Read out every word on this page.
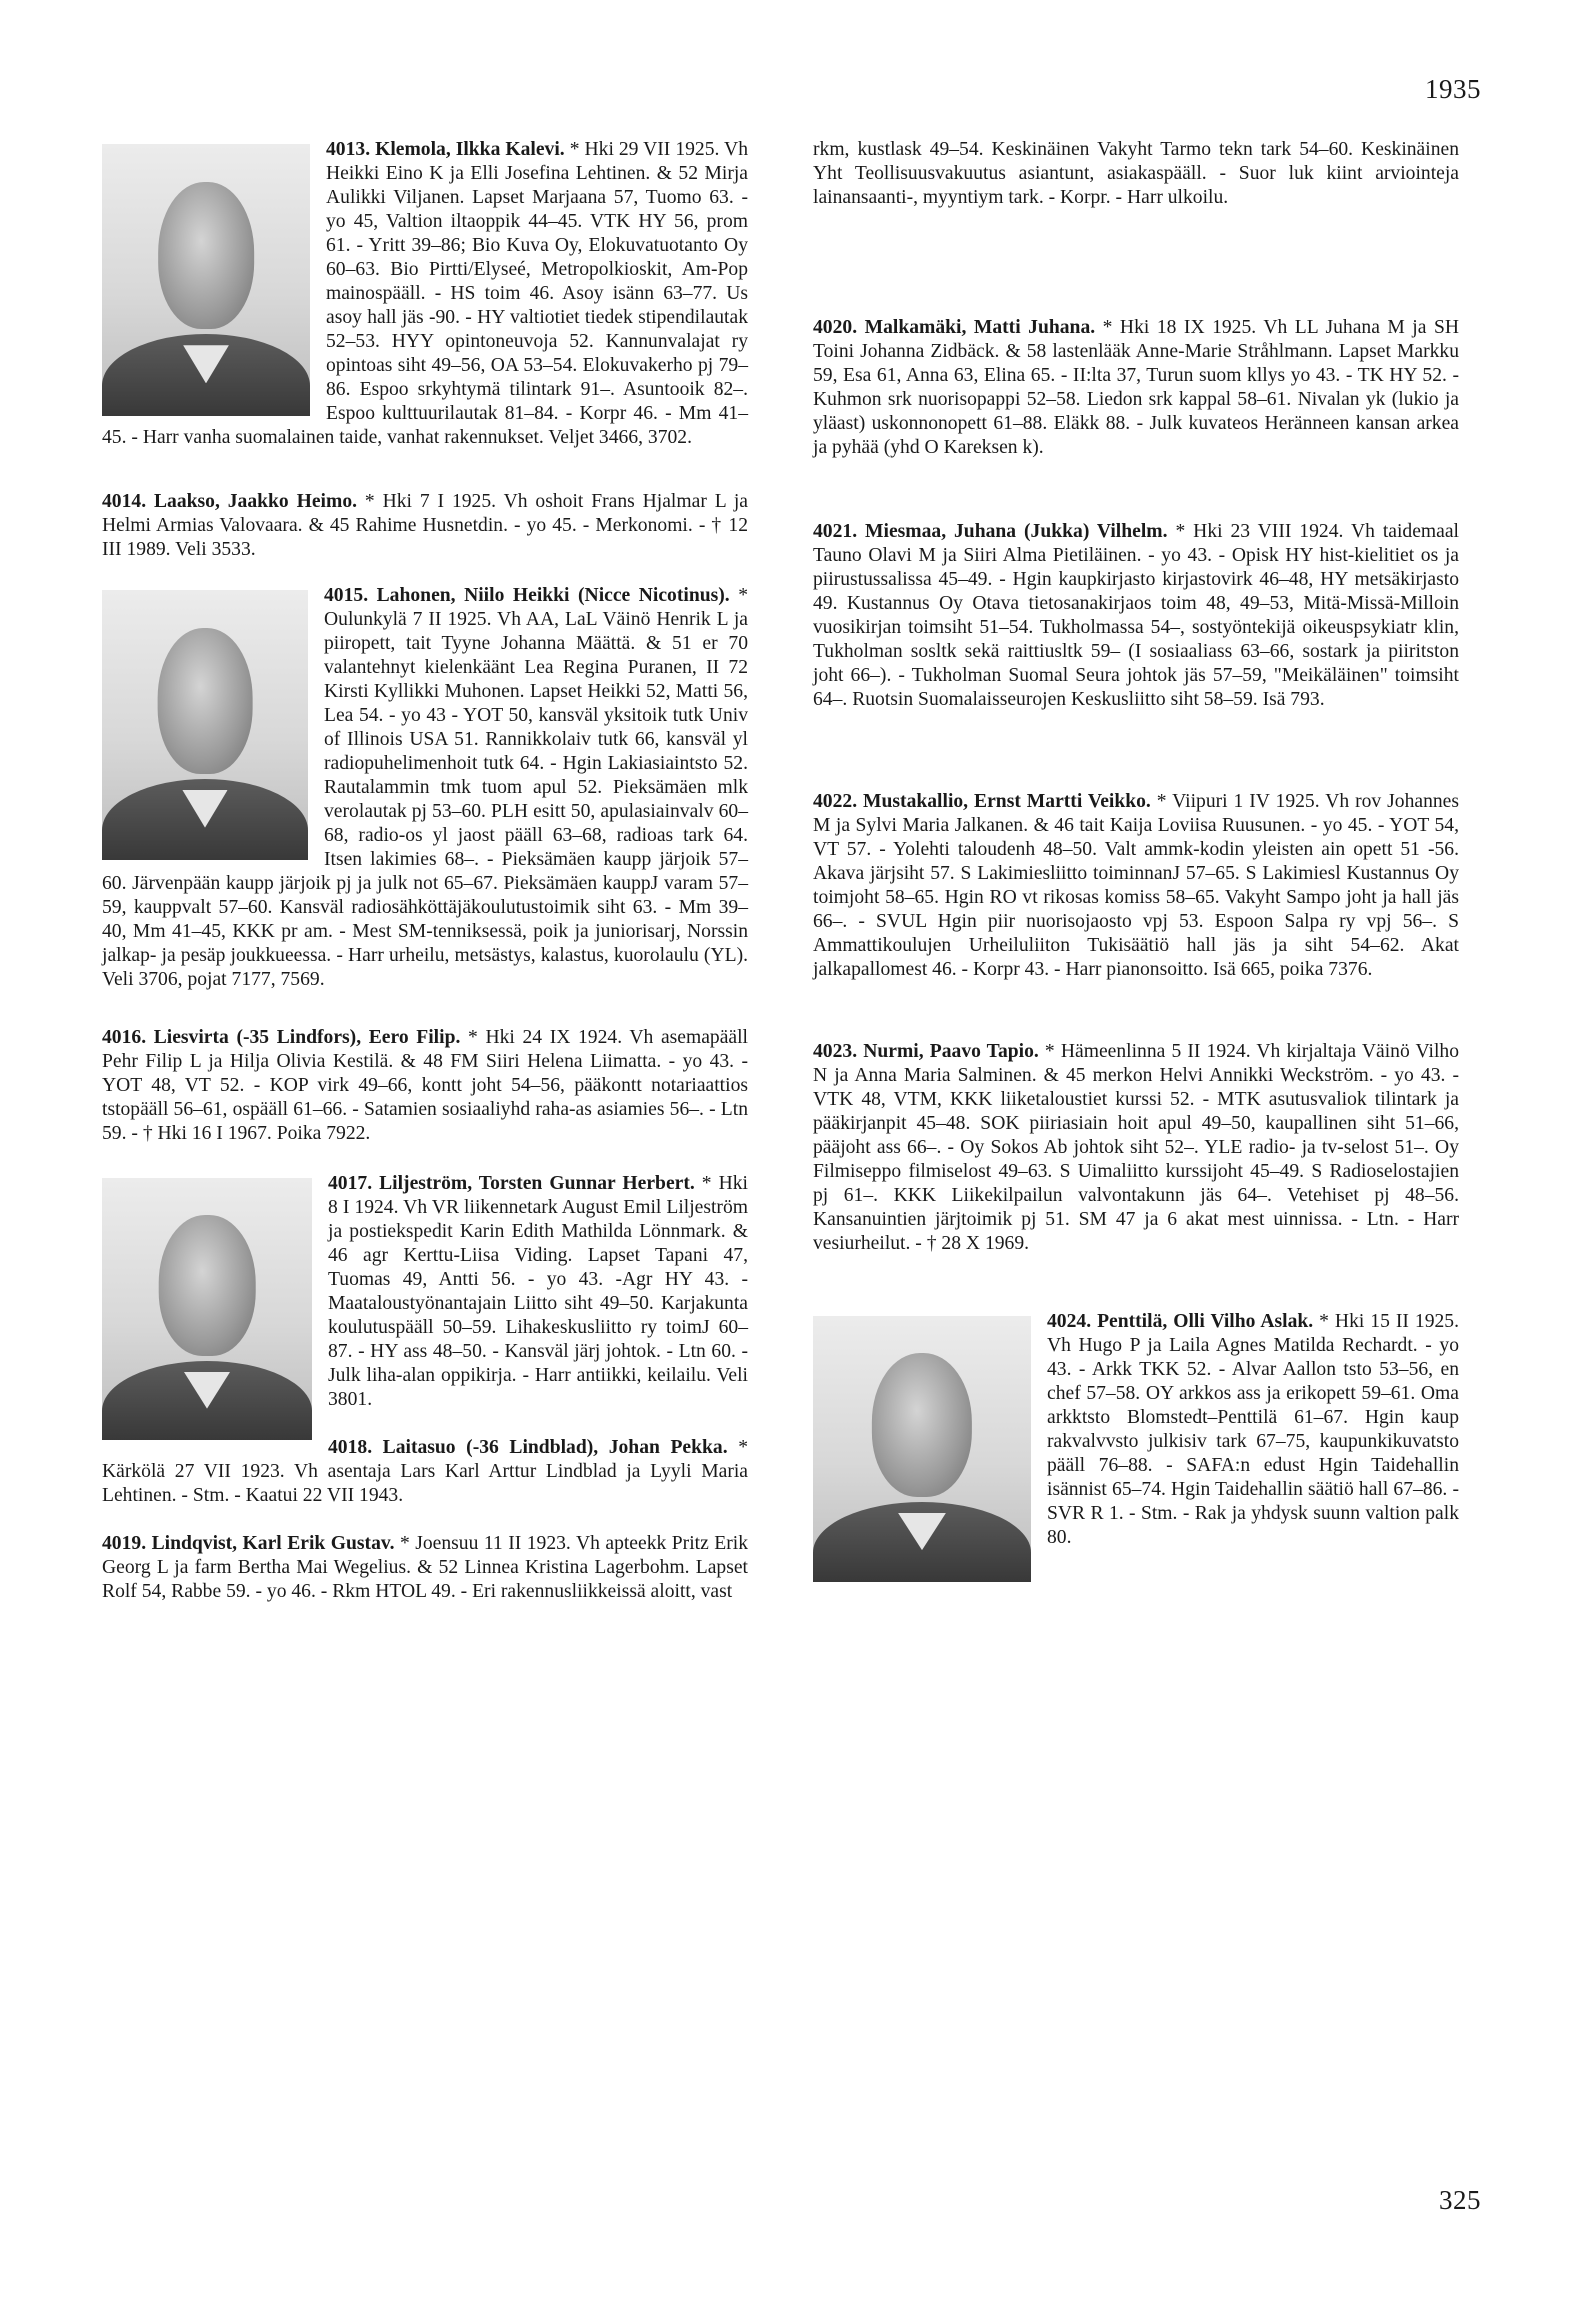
1935
4013. Klemola, Ilkka Kalevi.
* Hki 29 VII 1925. Vh Heikki Eino K ja Elli Josefina Lehtinen. & 52 Mirja Aulikki Viljanen. Lapset Marjaana 57, Tuomo 63. - yo 45, Valtion iltaoppik 44–45. VTK HY 56, prom 61. - Yritt 39–86; Bio Kuva Oy, Elokuvatuotanto Oy 60–63. Bio Pirtti/Elyseé, Metropolkioskit, Am-Pop mainospääll. - HS toim 46. Asoy isänn 63–77. Us asoy hall jäs -90. - HY valtiotiet tiedek stipendilautak 52–53. HYY opintoneuvoja 52. Kannunvalajat ry opintoas siht 49–56, OA 53–54. Elokuvakerho pj 79–86. Espoo srkyhtymä tilintark 91–. Asuntooik 82–. Espoo kulttuurilautak 81–84. - Korpr 46. - Mm 41–45. - Harr vanha suomalainen taide, vanhat rakennukset. Veljet 3466, 3702.
4014. Laakso, Jaakko Heimo. * Hki 7 I 1925. Vh oshoit Frans Hjalmar L ja Helmi Armias Valovaara. & 45 Rahime Husnetdin. - yo 45. - Merkonomi. - † 12 III 1989. Veli 3533.
4015. Lahonen, Niilo Heikki (Nicce Nicotinus).
* Oulunkylä 7 II 1925. Vh AA, LaL Väinö Henrik L ja piiropett, tait Tyyne Johanna Määttä. & 51 er 70 valantehnyt kielenkäänt Lea Regina Puranen, II 72 Kirsti Kyllikki Muhonen. Lapset Heikki 52, Matti 56, Lea 54. - yo 43 - YOT 50, kansväl yksitoik tutk Univ of Illinois USA 51. Rannikkolaiv tutk 66, kansväl yl radiopuhelimenhoit tutk 64. - Hgin Lakiasiaintsto 52. Rautalammin tmk tuom apul 52. Pieksämäen mlk verolautak pj 53–60. PLH esitt 50, apulasiainvalv 60–68, radio-os yl jaost pääll 63–68, radioas tark 64. Itsen lakimies 68–. - Pieksämäen kaupp järjoik 57–60. Järvenpään kaupp järjoik pj ja julk not 65–67. Pieksämäen kauppJ varam 57–59, kauppvalt 57–60. Kansväl radiosähköttäjäkoulutustoimik siht 63. - Mm 39–40, Mm 41–45, KKK pr am. - Mest SM-tenniksessä, poik ja juniorisarj, Norssin jalkap- ja pesäp joukkueessa. - Harr urheilu, metsästys, kalastus, kuorolaulu (YL). Veli 3706, pojat 7177, 7569.
4016. Liesvirta (-35 Lindfors), Eero Filip. * Hki 24 IX 1924. Vh asemapääll Pehr Filip L ja Hilja Olivia Kestilä. & 48 FM Siiri Helena Liimatta. - yo 43. - YOT 48, VT 52. - KOP virk 49–66, kontt joht 54–56, pääkontt notariaattios tstopääll 56–61, ospääll 61–66. - Satamien sosiaaliyhd raha-as asiamies 56–. - Ltn 59. - † Hki 16 I 1967. Poika 7922.
4017. Liljeström, Torsten Gunnar Herbert.
* Hki 8 I 1924. Vh VR liikennetark August Emil Liljeström ja postiekspedit Karin Edith Mathilda Lönnmark. & 46 agr Kerttu-Liisa Viding. Lapset Tapani 47, Tuomas 49, Antti 56. - yo 43. -Agr HY 43. - Maataloustyönantajain Liitto siht 49–50. Karjakunta koulutuspääll 50–59. Lihakeskusliitto ry toimJ 60–87. - HY ass 48–50. - Kansväl järj johtok. - Ltn 60. - Julk liha-alan oppikirja. - Harr antiikki, keilailu. Veli 3801.
4018. Laitasuo (-36 Lindblad), Johan Pekka. * Kärkölä 27 VII 1923. Vh asentaja Lars Karl Arttur Lindblad ja Lyyli Maria Lehtinen. - Stm. - Kaatui 22 VII 1943.
4019. Lindqvist, Karl Erik Gustav. * Joensuu 11 II 1923. Vh apteekk Pritz Erik Georg L ja farm Bertha Mai Wegelius. & 52 Linnea Kristina Lagerbohm. Lapset Rolf 54, Rabbe 59. - yo 46. - Rkm HTOL 49. - Eri rakennusliikkeissä aloitt, vast
rkm, kustlask 49–54. Keskinäinen Vakyht Tarmo tekn tark 54–60. Keskinäinen Yht Teollisuusvakuutus asiantunt, asiakaspääll. - Suor luk kiint arviointeja lainansaanti-, myyntiym tark. - Korpr. - Harr ulkoilu.
4020. Malkamäki, Matti Juhana. * Hki 18 IX 1925. Vh LL Juhana M ja SH Toini Johanna Zidbäck. & 58 lastenlääk Anne-Marie Stråhlmann. Lapset Markku 59, Esa 61, Anna 63, Elina 65. - II:lta 37, Turun suom kllys yo 43. - TK HY 52. - Kuhmon srk nuorisopappi 52–58. Liedon srk kappal 58–61. Nivalan yk (lukio ja yläast) uskonnonopett 61–88. Eläkk 88. - Julk kuvateos Heränneen kansan arkea ja pyhää (yhd O Kareksen k).
4021. Miesmaa, Juhana (Jukka) Vilhelm. * Hki 23 VIII 1924. Vh taidemaal Tauno Olavi M ja Siiri Alma Pietiläinen. - yo 43. - Opisk HY hist-kielitiet os ja piirustussalissa 45–49. - Hgin kaupkirjasto kirjastovirk 46–48, HY metsäkirjasto 49. Kustannus Oy Otava tietosanakirjaos toim 48, 49–53, Mitä-Missä-Milloin vuosikirjan toimsiht 51–54. Tukholmassa 54–, sostyöntekijä oikeuspsykiatr klin, Tukholman sosltk sekä raittiusltk 59– (I sosiaaliass 63–66, sostark ja piiritston joht 66–). - Tukholman Suomal Seura johtok jäs 57–59, "Meikäläinen" toimsiht 64–. Ruotsin Suomalaisseurojen Keskusliitto siht 58–59. Isä 793.
4022. Mustakallio, Ernst Martti Veikko. * Viipuri 1 IV 1925. Vh rov Johannes M ja Sylvi Maria Jalkanen. & 46 tait Kaija Loviisa Ruusunen. - yo 45. - YOT 54, VT 57. - Yolehti taloudenh 48–50. Valt ammk-kodin yleisten ain opett 51 -56. Akava järjsiht 57. S Lakimiesliitto toiminnanJ 57–65. S Lakimiesl Kustannus Oy toimjoht 58–65. Hgin RO vt rikosas komiss 58–65. Vakyht Sampo joht ja hall jäs 66–. - SVUL Hgin piir nuorisojaosto vpj 53. Espoon Salpa ry vpj 56–. S Ammattikoulujen Urheiluliiton Tukisäätiö hall jäs ja siht 54–62. Akat jalkapallomest 46. - Korpr 43. - Harr pianonsoitto. Isä 665, poika 7376.
4023. Nurmi, Paavo Tapio. * Hämeenlinna 5 II 1924. Vh kirjaltaja Väinö Vilho N ja Anna Maria Salminen. & 45 merkon Helvi Annikki Weckström. - yo 43. - VTK 48, VTM, KKK liiketaloustiet kurssi 52. - MTK asutusvaliok tilintark ja pääkirjanpit 45–48. SOK piiriasiain hoit apul 49–50, kaupallinen siht 51–66, pääjoht ass 66–. - Oy Sokos Ab johtok siht 52–. YLE radio- ja tv-selost 51–. Oy Filmiseppo filmiselost 49–63. S Uimaliitto kurssijoht 45–49. S Radioselostajien pj 61–. KKK Liikekilpailun valvontakunn jäs 64–. Vetehiset pj 48–56. Kansanuintien järjtoimik pj 51. SM 47 ja 6 akat mest uinnissa. - Ltn. - Harr vesiurheilut. - † 28 X 1969.
4024. Penttilä, Olli Vilho Aslak.
* Hki 15 II 1925. Vh Hugo P ja Laila Agnes Matilda Rechardt. - yo 43. - Arkk TKK 52. - Alvar Aallon tsto 53–56, en chef 57–58. OY arkkos ass ja erikopett 59–61. Oma arkktsto Blomstedt–Penttilä 61–67. Hgin kaup rakvalvvsto julkisiv tark 67–75, kaupunkikuvatsto pääll 76–88. - SAFA:n edust Hgin Taidehallin isännist 65–74. Hgin Taidehallin säätiö hall 67–86. - SVR R 1. - Stm. - Rak ja yhdysk suunn valtion palk 80.
325
